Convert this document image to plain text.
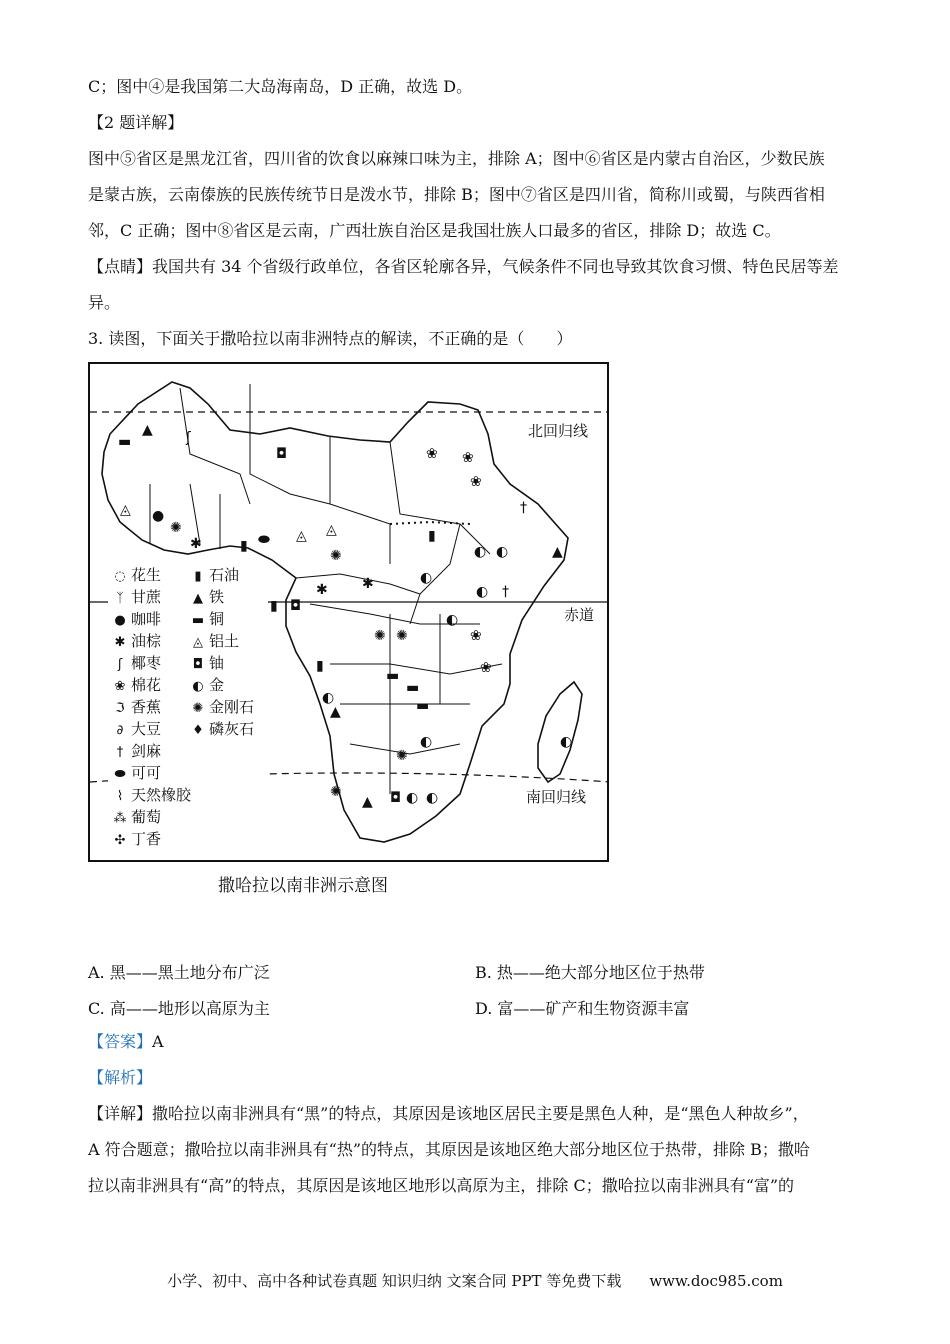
C；图中④是我国第二大岛海南岛，D 正确，故选 D。
【2 题详解】
图中⑤省区是黑龙江省，四川省的饮食以麻辣口味为主，排除 A；图中⑥省区是内蒙古自治区，少数民族
是蒙古族，云南傣族的民族传统节日是泼水节，排除 B；图中⑦省区是四川省，简称川或蜀，与陕西省相
邻，C 正确；图中⑧省区是云南，广西壮族自治区是我国壮族人口最多的省区，排除 D；故选 C。
【点睛】我国共有 34 个省级行政单位，各省区轮廓各异，气候条件不同也导致其饮食习惯、特色民居等差
异。
3. 读图，下面关于撒哈拉以南非洲特点的解读，不正确的是（　　）
▬
▲ ʃ
◘	❀ ❀
❀
†
▲
◐ ◐
▮
◐
◐ †
◘
▮
✱ ✱
✺
◬ ◬
◐
❀
✺ ✺
❀
▬
▬
▬
▮
◐
▲
◐
✺
✺
▲ ◘ ◐ ◐
◐
⬬
▮
◬ ●
✺
✱
北回归线
赤道
南回归线
◌ 花生
ᛉ 甘蔗
● 咖啡
✱ 油棕
ʃ 椰枣
❀ 棉花
ℑ 香蕉
∂ 大豆
† 剑麻
⬬ 可可
⌇ 天然橡胶
⁂ 葡萄
✣ 丁香
▮ 石油
▲ 铁
▬ 铜
◬ 铝土
◘ 铀
◐ 金
✺ 金刚石
♦ 磷灰石
撒哈拉以南非洲示意图
A. 黑——黑土地分布广泛	B. 热——绝大部分地区位于热带
C. 高——地形以高原为主	D. 富——矿产和生物资源丰富
【答案】A
【解析】
【详解】撒哈拉以南非洲具有“黑”的特点，其原因是该地区居民主要是黑色人种，是“黑色人种故乡”，
A 符合题意；撒哈拉以南非洲具有“热”的特点，其原因是该地区绝大部分地区位于热带，排除 B；撒哈
拉以南非洲具有“高”的特点，其原因是该地区地形以高原为主，排除 C；撒哈拉以南非洲具有“富”的
小学、初中、高中各种试卷真题 知识归纳 文案合同 PPT 等免费下载 www.doc985.com
